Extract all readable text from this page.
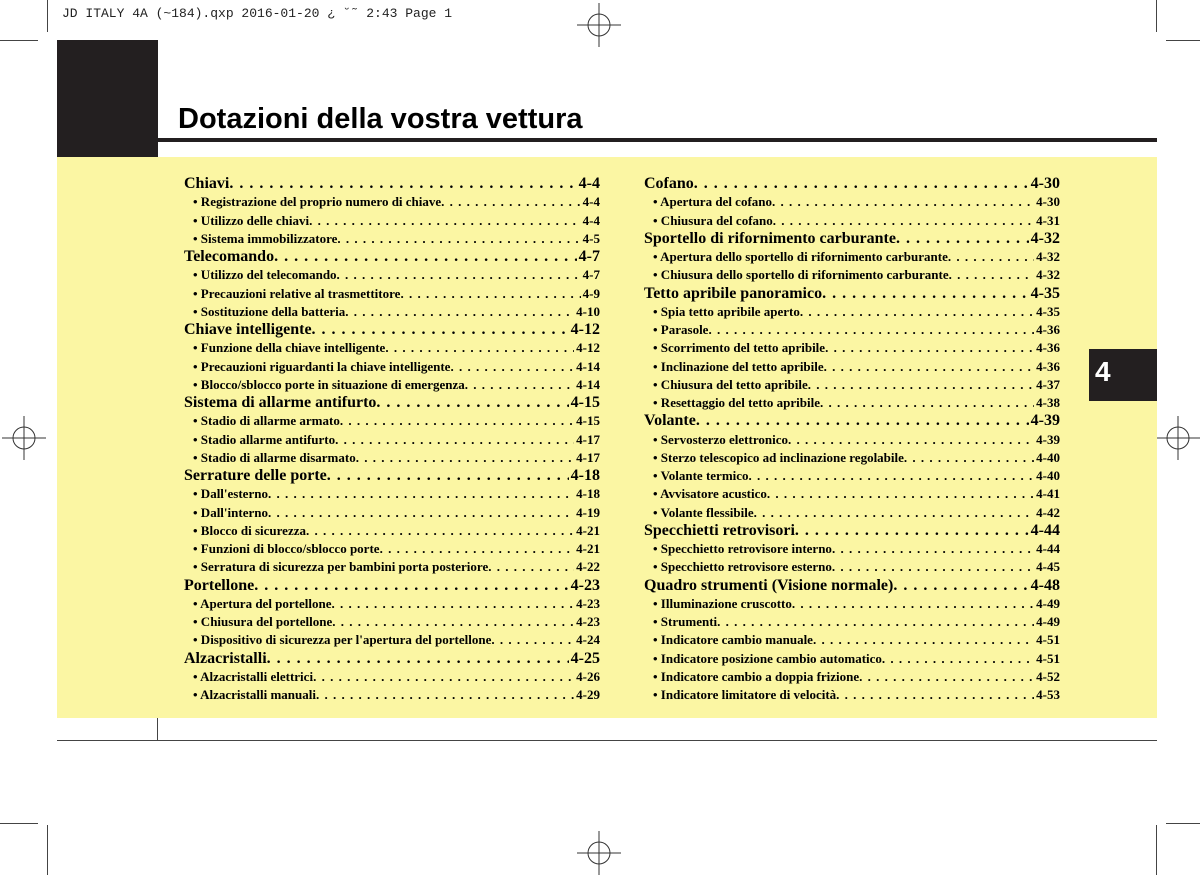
JD ITALY 4A (~184).qxp 2016-01-20 ¿ ˘˜ 2:43 Page 1
Dotazioni della vostra vettura
Chiavi . . .	4-4
• Registrazione del proprio numero di chiave . . .	4-4
• Utilizzo delle chiavi . . .	4-4
• Sistema immobilizzatore . . .	4-5
Telecomando . . .	4-7
• Utilizzo del telecomando . . .	4-7
• Precauzioni relative al trasmettitore . . .	4-9
• Sostituzione della batteria . . .	4-10
Chiave intelligente . . .	4-12
• Funzione della chiave intelligente . . .	4-12
• Precauzioni riguardanti la chiave intelligente . . .	4-14
• Blocco/sblocco porte in situazione di emergenza . . .	4-14
Sistema di allarme antifurto . . .	4-15
• Stadio di allarme armato . . .	4-15
• Stadio allarme antifurto . . .	4-17
• Stadio di allarme disarmato . . .	4-17
Serrature delle porte . . .	4-18
• Dall'esterno . . .	4-18
• Dall'interno . . .	4-19
• Blocco di sicurezza . . .	4-21
• Funzioni di blocco/sblocco porte . . .	4-21
• Serratura di sicurezza per bambini porta posteriore . . .	4-22
Portellone . . .	4-23
• Apertura del portellone . . .	4-23
• Chiusura del portellone . . .	4-23
• Dispositivo di sicurezza per l'apertura del portellone . . .	4-24
Alzacristalli . . .	4-25
• Alzacristalli elettrici . . .	4-26
• Alzacristalli manuali . . .	4-29
Cofano . . .	4-30
• Apertura del cofano . . .	4-30
• Chiusura del cofano . . .	4-31
Sportello di rifornimento carburante . . .	4-32
• Apertura dello sportello di rifornimento carburante . . .	4-32
• Chiusura dello sportello di rifornimento carburante . . .	4-32
Tetto apribile panoramico . . .	4-35
• Spia tetto apribile aperto . . .	4-35
• Parasole . . .	4-36
• Scorrimento del tetto apribile . . .	4-36
• Inclinazione del tetto apribile . . .	4-36
• Chiusura del tetto apribile . . .	4-37
• Resettaggio del tetto apribile . . .	4-38
Volante . . .	4-39
• Servosterzo elettronico . . .	4-39
• Sterzo telescopico ad inclinazione regolabile . . .	4-40
• Volante termico . . .	4-40
• Avvisatore acustico . . .	4-41
• Volante flessibile . . .	4-42
Specchietti retrovisori . . .	4-44
• Specchietto retrovisore interno . . .	4-44
• Specchietto retrovisore esterno . . .	4-45
Quadro strumenti (Visione normale) . . .	4-48
• Illuminazione cruscotto . . .	4-49
• Strumenti . . .	4-49
• Indicatore cambio manuale . . .	4-51
• Indicatore posizione cambio automatico . . .	4-51
• Indicatore cambio a doppia frizione . . .	4-52
• Indicatore limitatore di velocità . . .	4-53
4
